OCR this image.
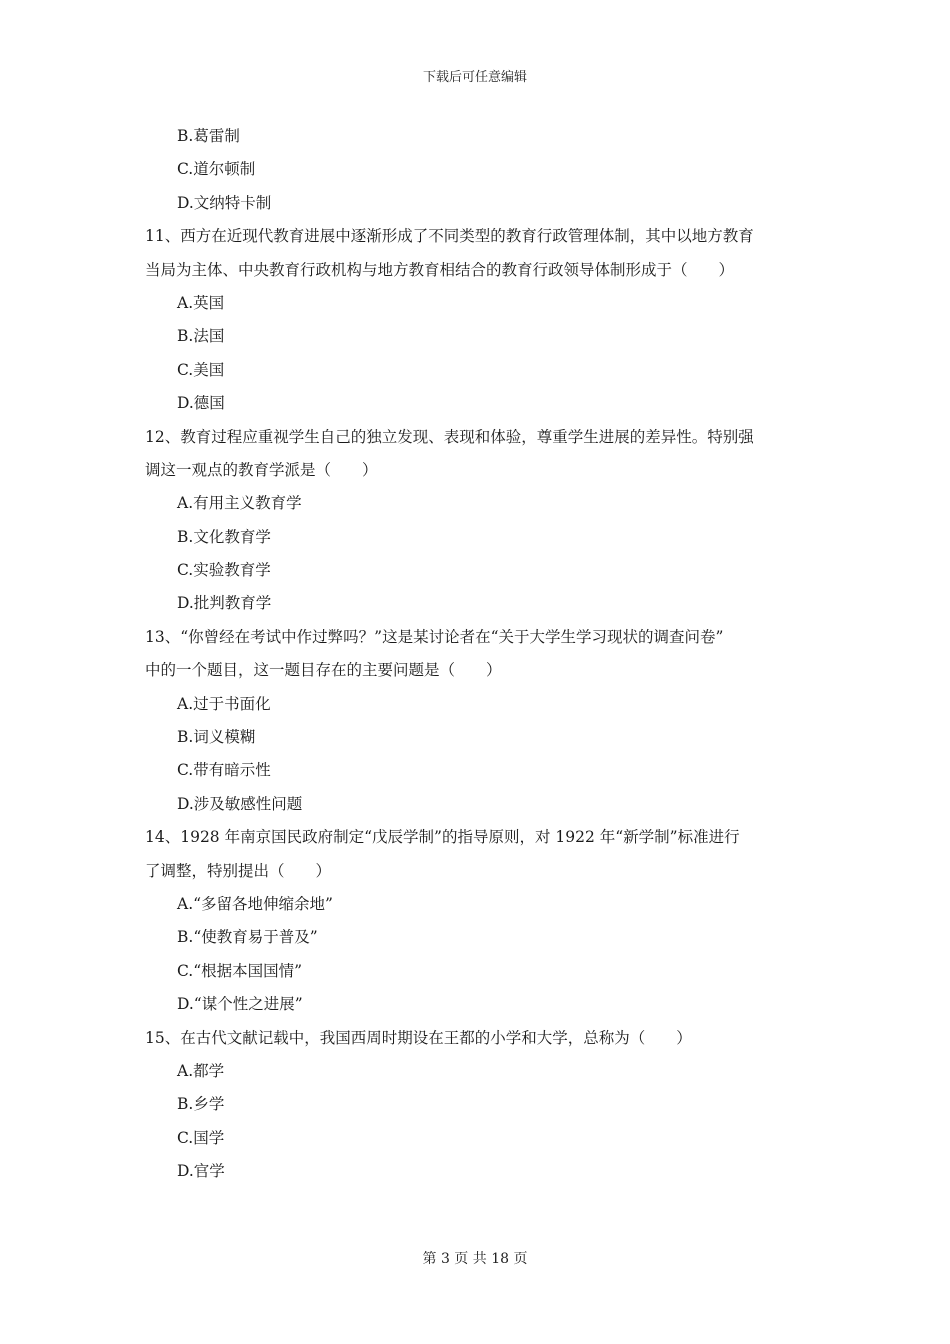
下载后可任意编辑
B.葛雷制
C.道尔顿制
D.文纳特卡制
11、西方在近现代教育进展中逐渐形成了不同类型的教育行政管理体制，其中以地方教育
当局为主体、中央教育行政机构与地方教育相结合的教育行政领导体制形成于（　　）
A.英国
B.法国
C.美国
D.德国
12、教育过程应重视学生自己的独立发现、表现和体验，尊重学生进展的差异性。特别强
调这一观点的教育学派是（　　）
A.有用主义教育学
B.文化教育学
C.实验教育学
D.批判教育学
13、“你曾经在考试中作过弊吗？”这是某讨论者在“关于大学生学习现状的调查问卷”
中的一个题目，这一题目存在的主要问题是（　　）
A.过于书面化
B.词义模糊
C.带有暗示性
D.涉及敏感性问题
14、1928 年南京国民政府制定“戊辰学制”的指导原则，对 1922 年“新学制”标准进行
了调整，特别提出（　　）
A.“多留各地伸缩余地”
B.“使教育易于普及”
C.“根据本国国情”
D.“谋个性之进展”
15、在古代文献记载中，我国西周时期设在王都的小学和大学，总称为（　　）
A.都学
B.乡学
C.国学
D.官学
第 3 页 共 18 页
